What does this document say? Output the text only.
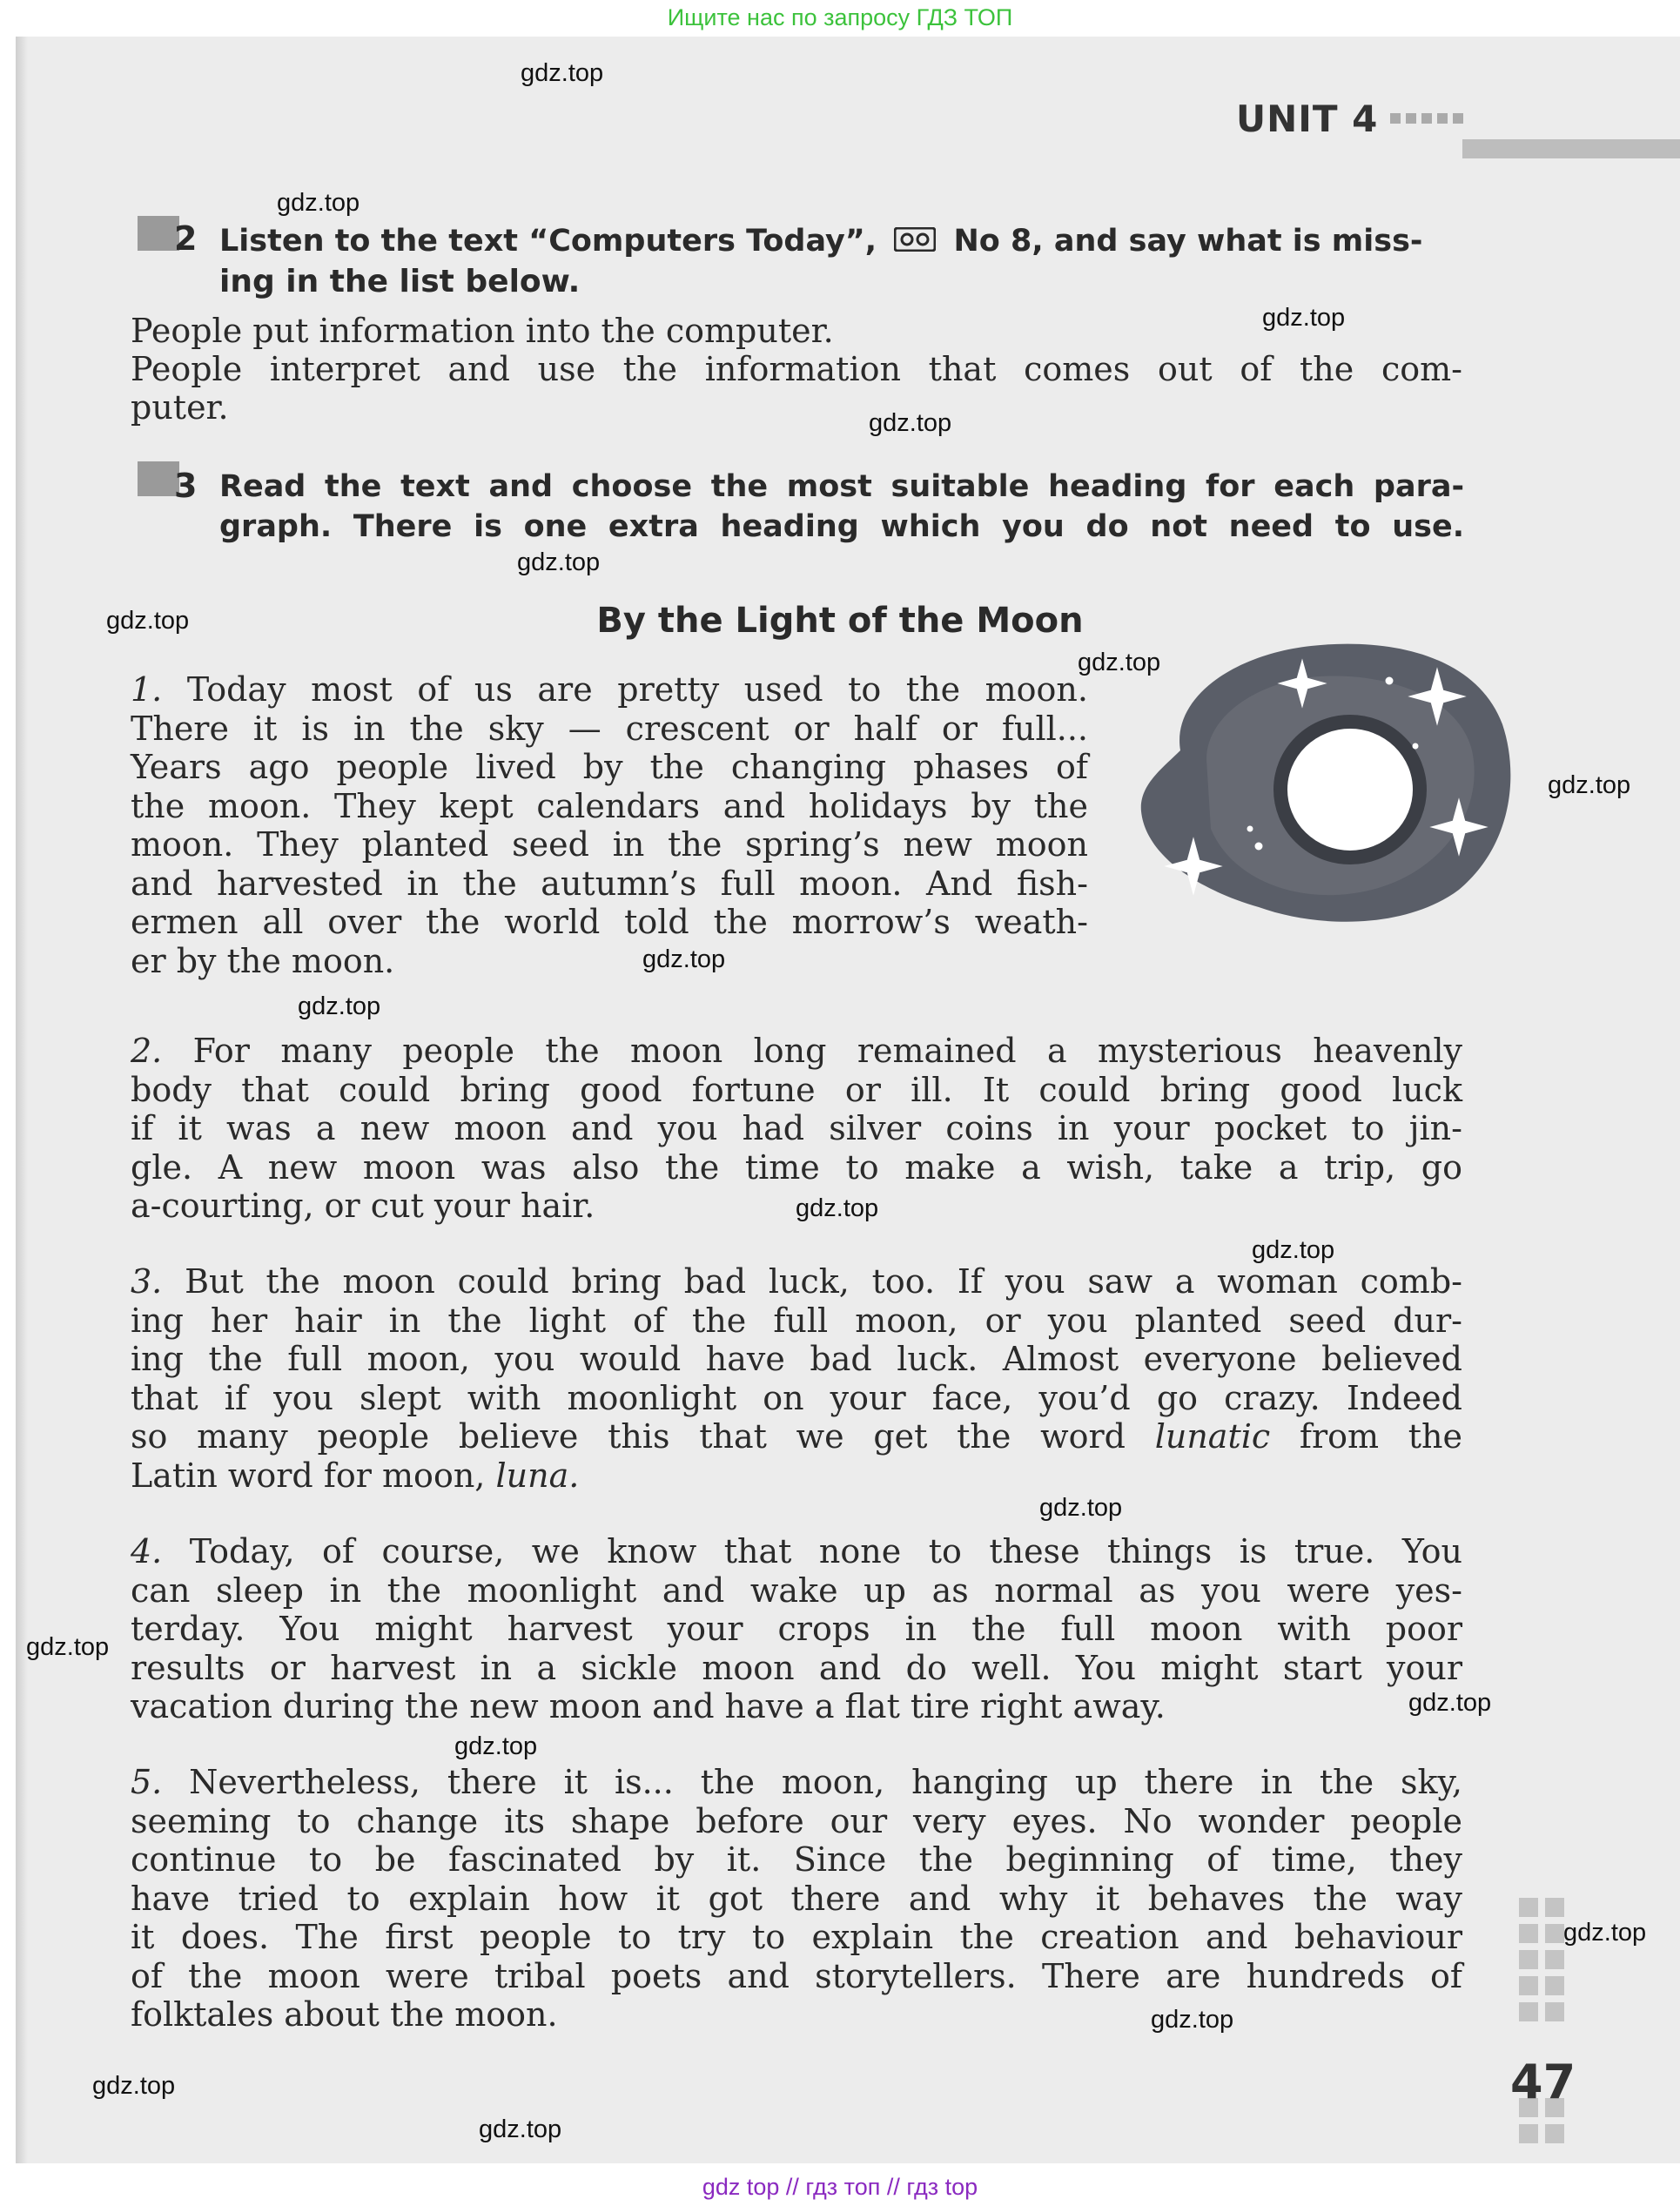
Ищите нас по запросу ГДЗ ТОП
UNIT 4
2 Listen to the text “Computers Today”,	No 8, and say what is miss-
ing in the list below.
People put information into the computer.
People interpret and use the information that comes out of the com-
puter.
3 Read the text and choose the most suitable heading for each para-
graph. There is one extra heading which you do not need to use.
By the Light of the Moon
1. Today most of us are pretty used to the moon.
There it is in the sky — crescent or half or full...
Years ago people lived by the changing phases of
the moon. They kept calendars and holidays by the
moon. They planted seed in the spring’s new moon
and harvested in the autumn’s full moon. And fish-
ermen all over the world told the morrow’s weath-
er by the moon.
2. For many people the moon long remained a mysterious heavenly
body that could bring good fortune or ill. It could bring good luck
if it was a new moon and you had silver coins in your pocket to jin-
gle. A new moon was also the time to make a wish, take a trip, go
a-courting, or cut your hair.
3. But the moon could bring bad luck, too. If you saw a woman comb-
ing her hair in the light of the full moon, or you planted seed dur-
ing the full moon, you would have bad luck. Almost everyone believed
that if you slept with moonlight on your face, you’d go crazy. Indeed
so many people believe this that we get the word lunatic from the
Latin word for moon, luna.
4. Today, of course, we know that none to these things is true. You
can sleep in the moonlight and wake up as normal as you were yes-
terday. You might harvest your crops in the full moon with poor
results or harvest in a sickle moon and do well. You might start your
vacation during the new moon and have a flat tire right away.
5. Nevertheless, there it is... the moon, hanging up there in the sky,
seeming to change its shape before our very eyes. No wonder people
continue to be fascinated by it. Since the beginning of time, they
have tried to explain how it got there and why it behaves the way
it does. The first people to try to explain the creation and behaviour
of the moon were tribal poets and storytellers. There are hundreds of
folktales about the moon.
47
gdz.top
gdz.top
gdz.top
gdz.top
gdz.top
gdz.top
gdz.top
gdz.top
gdz.top
gdz.top
gdz.top
gdz.top
gdz.top
gdz.top
gdz.top
gdz.top
gdz.top
gdz.top
gdz.top
gdz.top
gdz top // гдз топ // гдз top
